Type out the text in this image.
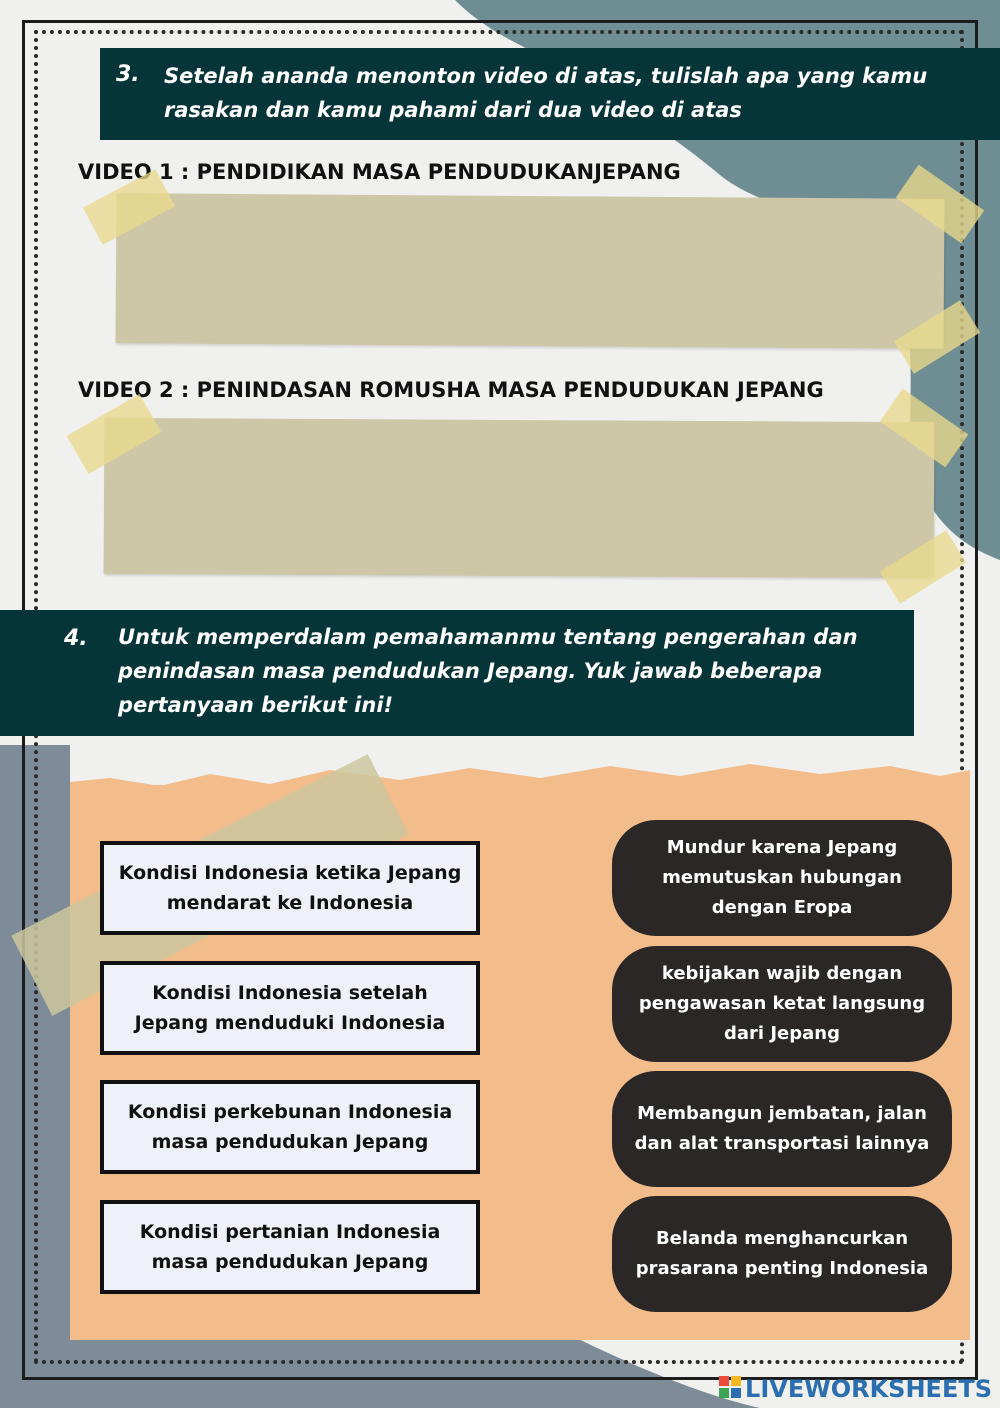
3. Setelah ananda menonton video di atas, tulislah apa yang kamu rasakan dan kamu pahami dari dua video di atas
VIDEO 1 : PENDIDIKAN MASA PENDUDUKANJEPANG
VIDEO 2 : PENINDASAN ROMUSHA MASA PENDUDUKAN JEPANG
4. Untuk memperdalam pemahamanmu tentang pengerahan dan penindasan masa pendudukan Jepang. Yuk jawab beberapa pertanyaan berikut ini!
Kondisi Indonesia ketika Jepang mendarat ke Indonesia
Kondisi Indonesia setelah Jepang menduduki Indonesia
Kondisi perkebunan Indonesia masa pendudukan Jepang
Kondisi pertanian Indonesia masa pendudukan Jepang
Mundur karena Jepang memutuskan hubungan dengan Eropa
kebijakan wajib dengan pengawasan ketat langsung dari Jepang
Membangun jembatan, jalan dan alat transportasi lainnya
Belanda menghancurkan prasarana penting Indonesia
LIVEWORKSHEETS
